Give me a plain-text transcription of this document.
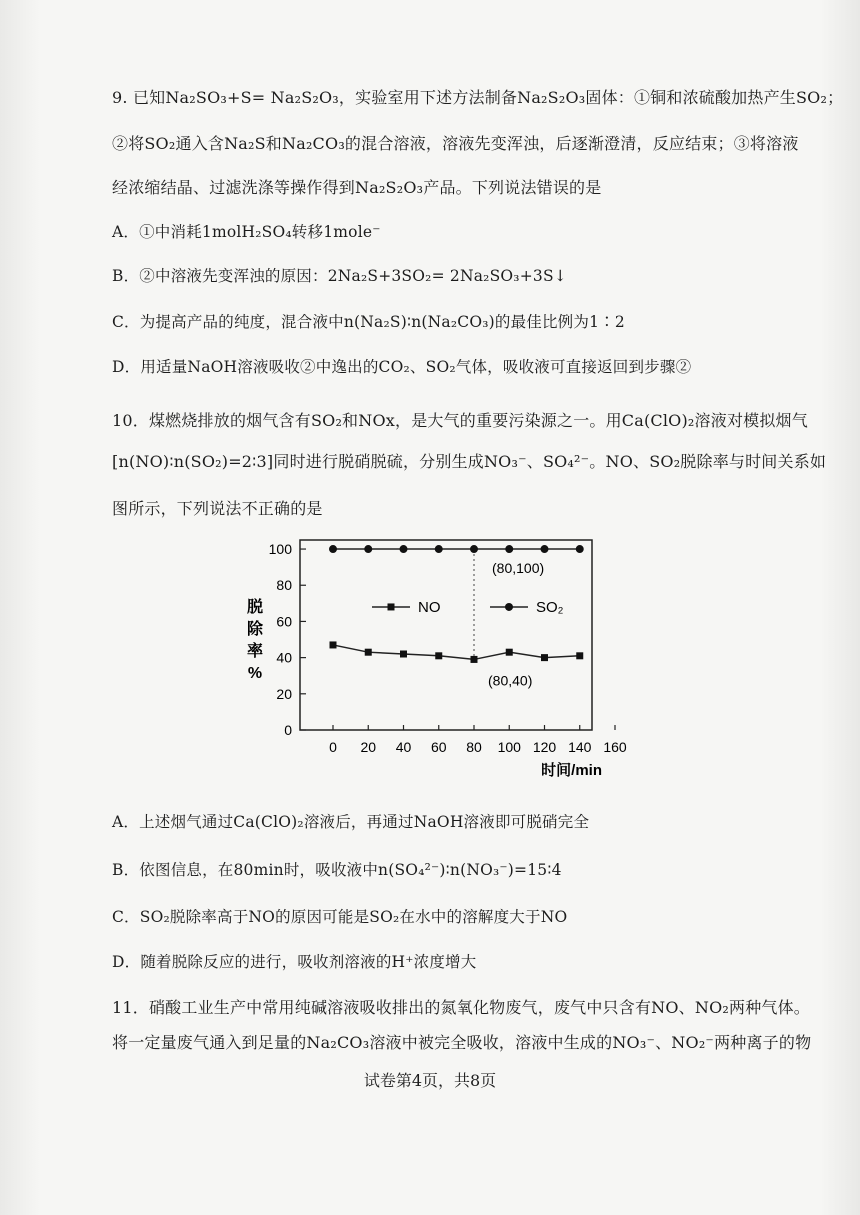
9. 已知Na₂SO₃+S= Na₂S₂O₃，实验室用下述方法制备Na₂S₂O₃固体：①铜和浓硫酸加热产生SO₂；
②将SO₂通入含Na₂S和Na₂CO₃的混合溶液，溶液先变浑浊，后逐渐澄清，反应结束；③将溶液
经浓缩结晶、过滤洗涤等操作得到Na₂S₂O₃产品。下列说法错误的是
A．①中消耗1molH₂SO₄转移1mole⁻
B．②中溶液先变浑浊的原因：2Na₂S+3SO₂= 2Na₂SO₃+3S↓
C．为提高产品的纯度，混合液中n(Na₂S)∶n(Na₂CO₃)的最佳比例为1∶2
D．用适量NaOH溶液吸收②中逸出的CO₂、SO₂气体，吸收液可直接返回到步骤②
10．煤燃烧排放的烟气含有SO₂和NOx，是大气的重要污染源之一。用Ca(ClO)₂溶液对模拟烟气
[n(NO)∶n(SO₂)=2∶3]同时进行脱硝脱硫，分别生成NO₃⁻、SO₄²⁻。NO、SO₂脱除率与时间关系如
图所示，下列说法不正确的是
0
20
40
60
80
100
0 20 40 60 80 100 120 140 160
时间/min
脱
除
率
%
NO	SO₂
(80,100)
(80,40)
A．上述烟气通过Ca(ClO)₂溶液后，再通过NaOH溶液即可脱硝完全
B．依图信息，在80min时，吸收液中n(SO₄²⁻)∶n(NO₃⁻)=15∶4
C．SO₂脱除率高于NO的原因可能是SO₂在水中的溶解度大于NO
D．随着脱除反应的进行，吸收剂溶液的H⁺浓度增大
11．硝酸工业生产中常用纯碱溶液吸收排出的氮氧化物废气，废气中只含有NO、NO₂两种气体。
将一定量废气通入到足量的Na₂CO₃溶液中被完全吸收，溶液中生成的NO₃⁻、NO₂⁻两种离子的物
试卷第4页，共8页
